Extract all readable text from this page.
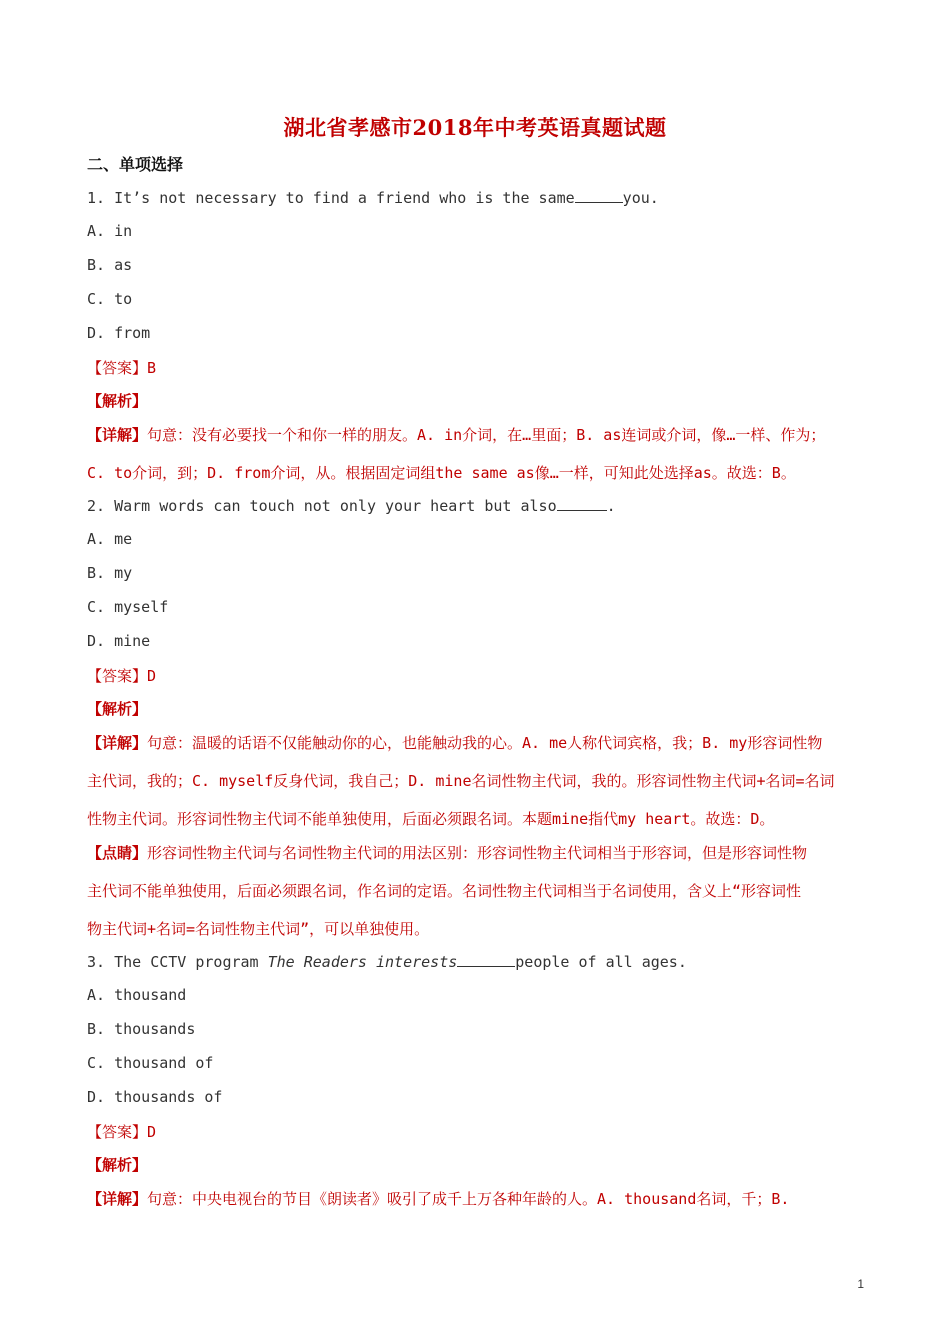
湖北省孝感市2018年中考英语真题试题
二、单项选择
1. It’s not necessary to find a friend who is the same	you.
A. in
B. as
C. to
D. from
【答案】B
【解析】
【详解】句意：没有必要找一个和你一样的朋友。A. in介词，在…里面；B. as连词或介词，像…一样、作为；
C. to介词，到；D. from介词，从。根据固定词组the same as像…一样，可知此处选择as。故选：B。
2. Warm words can touch not only your heart but also	.
A. me
B. my
C. myself
D. mine
【答案】D
【解析】
【详解】句意：温暖的话语不仅能触动你的心，也能触动我的心。A. me人称代词宾格，我；B. my形容词性物
主代词，我的；C. myself反身代词，我自己；D. mine名词性物主代词，我的。形容词性物主代词+名词=名词
性物主代词。形容词性物主代词不能单独使用，后面必须跟名词。本题mine指代my heart。故选：D。
【点睛】形容词性物主代词与名词性物主代词的用法区别：形容词性物主代词相当于形容词，但是形容词性物
主代词不能单独使用，后面必须跟名词，作名词的定语。名词性物主代词相当于名词使用，含义上“形容词性
物主代词+名词=名词性物主代词”，可以单独使用。
3. The CCTV program The Readers interests	people of all ages.
A. thousand
B. thousands
C. thousand of
D. thousands of
【答案】D
【解析】
【详解】句意：中央电视台的节目《朗读者》吸引了成千上万各种年龄的人。A. thousand名词，千；B.
1
